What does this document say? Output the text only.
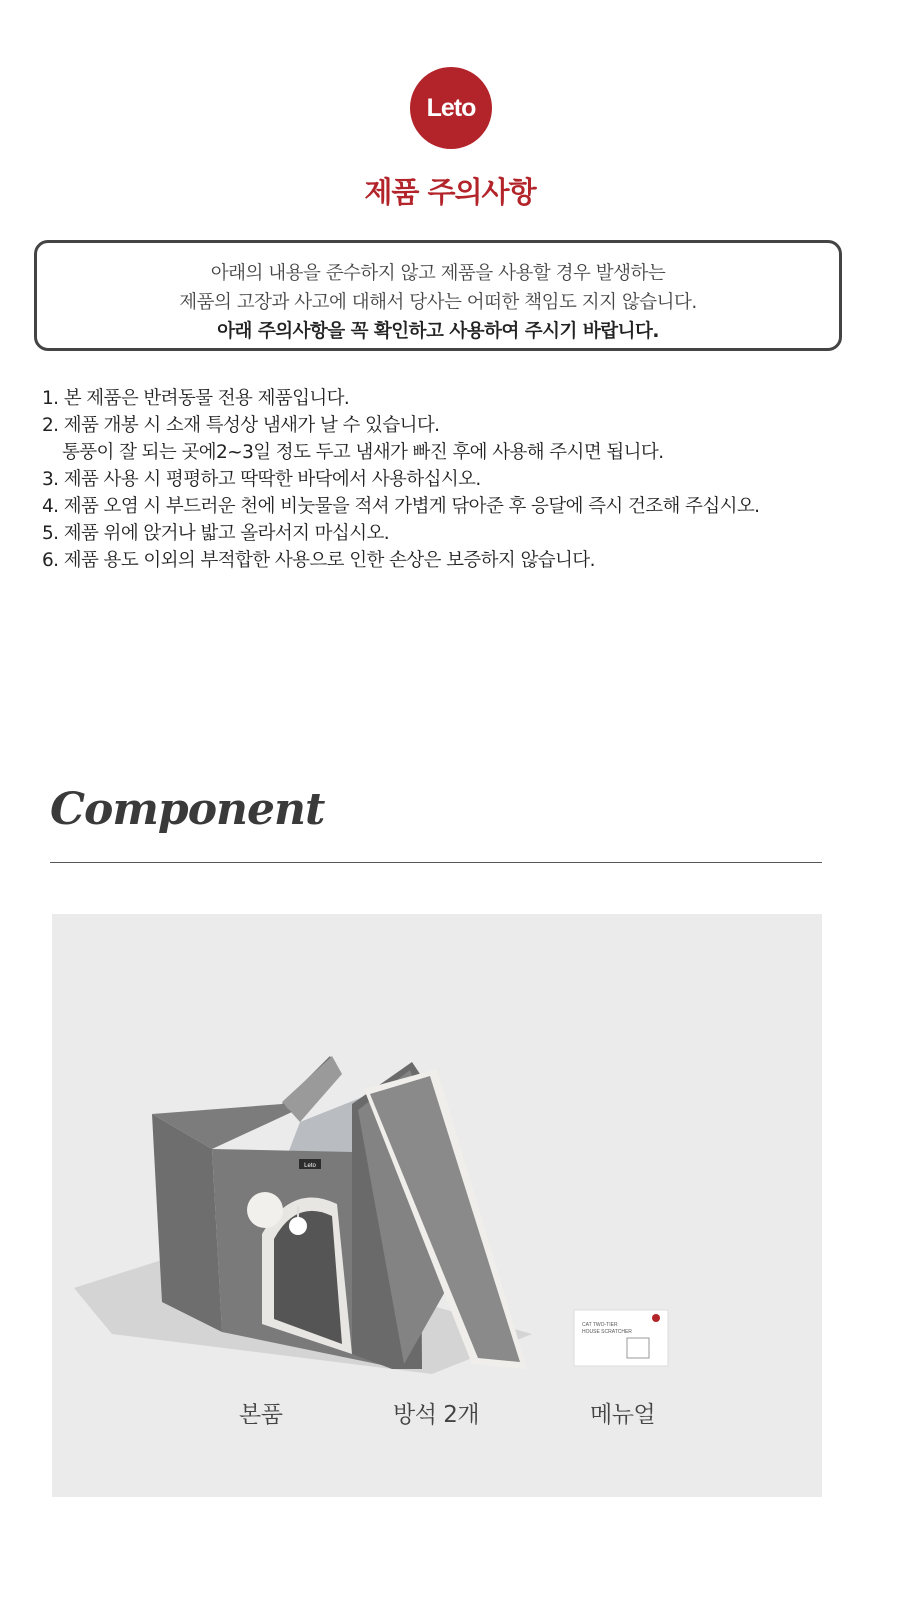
Leto
제품 주의사항
아래의 내용을 준수하지 않고 제품을 사용할 경우 발생하는
제품의 고장과 사고에 대해서 당사는 어떠한 책임도 지지 않습니다.
아래 주의사항을 꼭 확인하고 사용하여 주시기 바랍니다.
1. 본 제품은 반려동물 전용 제품입니다.
2. 제품 개봉 시 소재 특성상 냄새가 날 수 있습니다.
통풍이 잘 되는 곳에2~3일 정도 두고 냄새가 빠진 후에 사용해 주시면 됩니다.
3. 제품 사용 시 평평하고 딱딱한 바닥에서 사용하십시오.
4. 제품 오염 시 부드러운 천에 비눗물을 적셔 가볍게 닦아준 후 응달에 즉시 건조해 주십시오.
5. 제품 위에 앉거나 밟고 올라서지 마십시오.
6. 제품 용도 이외의 부적합한 사용으로 인한 손상은 보증하지 않습니다.
Component
Leto
CAT TWO-TIER
HOUSE SCRATCHER
본품	방석 2개	메뉴얼
